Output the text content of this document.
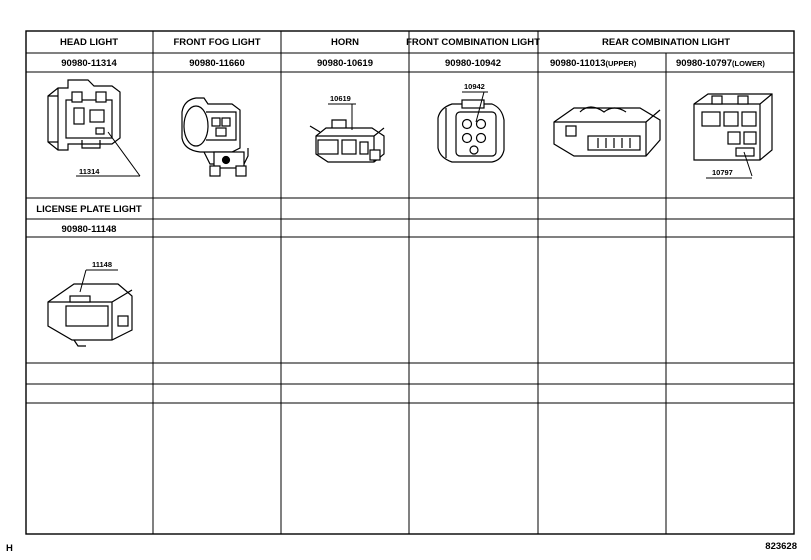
HEAD LIGHT	FRONT FOG LIGHT	HORN	FRONT COMBINATION LIGHT	REAR COMBINATION LIGHT
90980-11314	90980-11660	90980-10619	90980-10942	90980-11013(UPPER)	90980-10797(LOWER)
LICENSE PLATE LIGHT
90980-11148
11314
10619
10942
10797
11148
H	823628
